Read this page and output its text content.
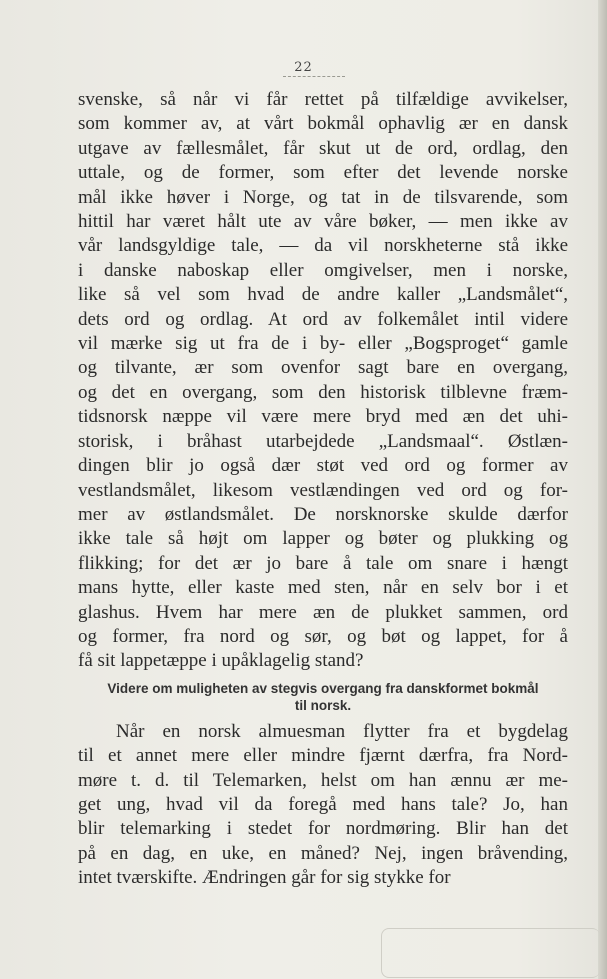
22
svenske, så når vi får rettet på tilfældige avvikelser,
som kommer av, at vårt bokmål ophavlig ær en dansk
utgave av fællesmålet, får skut ut de ord, ordlag, den
uttale, og de former, som efter det levende norske
mål ikke høver i Norge, og tat in de tilsvarende, som
hittil har været hålt ute av våre bøker, — men ikke av
vår landsgyldige tale, — da vil norskheterne stå ikke
i danske naboskap eller omgivelser, men i norske,
like så vel som hvad de andre kaller „Landsmålet“,
dets ord og ordlag. At ord av folkemålet intil videre
vil mærke sig ut fra de i by- eller „Bogsproget“ gamle
og tilvante, ær som ovenfor sagt bare en overgang,
og det en overgang, som den historisk tilblevne fræm-
tidsnorsk næppe vil være mere bryd med æn det uhi-
storisk, i bråhast utarbejdede „Landsmaal“. Østlæn-
dingen blir jo også dær støt ved ord og former av
vestlandsmålet, likesom vestlændingen ved ord og for-
mer av østlandsmålet. De norsknorske skulde dærfor
ikke tale så højt om lapper og bøter og plukking og
flikking; for det ær jo bare å tale om snare i hængt
mans hytte, eller kaste med sten, når en selv bor i et
glashus. Hvem har mere æn de plukket sammen, ord
og former, fra nord og sør, og bøt og lappet, for å
få sit lappetæppe i upåklagelig stand?
Videre om muligheten av stegvis overgang fra danskformet bokmål
til norsk.
Når en norsk almuesman flytter fra et bygdelag
til et annet mere eller mindre fjærnt dærfra, fra Nord-
møre t. d. til Telemarken, helst om han ænnu ær me-
get ung, hvad vil da foregå med hans tale? Jo, han
blir telemarking i stedet for nordmøring. Blir han det
på en dag, en uke, en måned? Nej, ingen bråvending,
intet tværskifte. Ændringen går for sig stykke for
